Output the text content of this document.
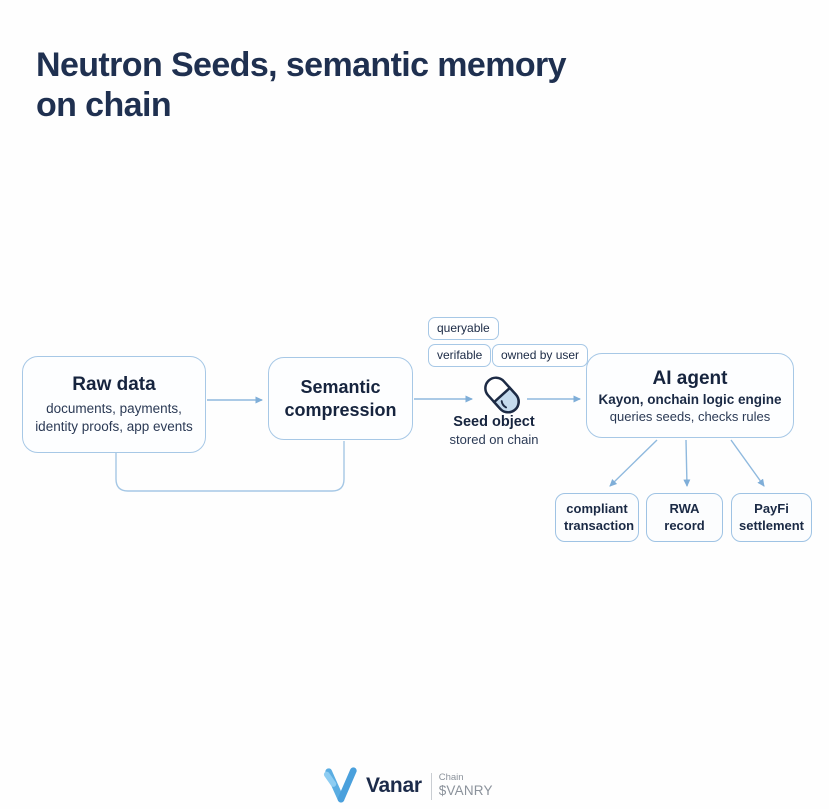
Neutron Seeds, semantic memory on chain
Raw data
documents, payments,
identity proofs, app events
Semantic compression
queryable
verifable	owned by user
Seed object
stored on chain
AI agent
Kayon, onchain logic engine
queries seeds, checks rules
compliant transaction
RWA record
PayFi settlement
Vanar Chain
$VANRY
